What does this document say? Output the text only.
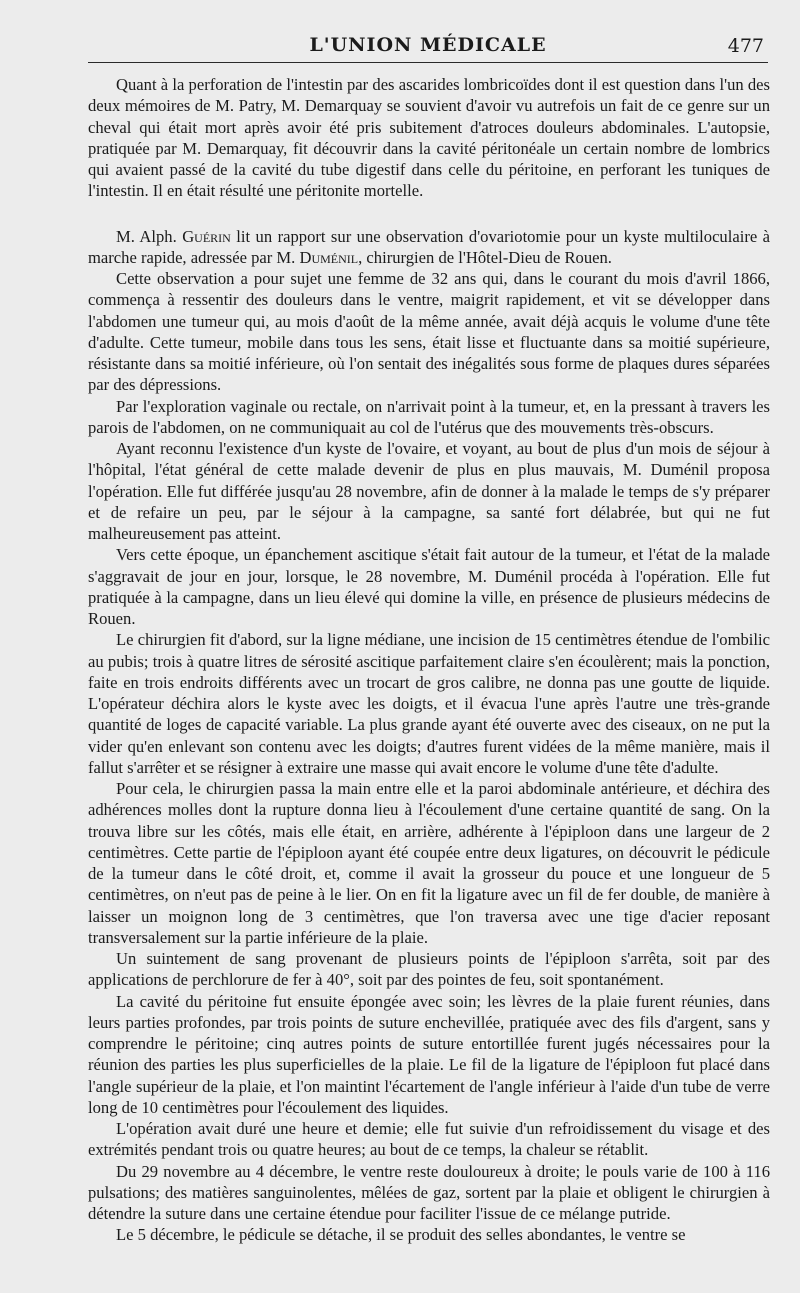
L'UNION MÉDICALE	477

Quant à la perforation de l'intestin par des ascarides lombricoïdes dont il est question dans l'un des deux mémoires de M. Patry, M. Demarquay se souvient d'avoir vu autrefois un fait de ce genre sur un cheval qui était mort après avoir été pris subitement d'atroces douleurs abdominales. L'autopsie, pratiquée par M. Demarquay, fit découvrir dans la cavité péritonéale un certain nombre de lombrics qui avaient passé de la cavité du tube digestif dans celle du péritoine, en perforant les tuniques de l'intestin. Il en était résulté une péritonite mortelle.

M. Alph. Guérin lit un rapport sur une observation d'ovariotomie pour un kyste multiloculaire à marche rapide, adressée par M. Duménil, chirurgien de l'Hôtel-Dieu de Rouen.

Cette observation a pour sujet une femme de 32 ans qui, dans le courant du mois d'avril 1866, commença à ressentir des douleurs dans le ventre, maigrit rapidement, et vit se développer dans l'abdomen une tumeur qui, au mois d'août de la même année, avait déjà acquis le volume d'une tête d'adulte. Cette tumeur, mobile dans tous les sens, était lisse et fluctuante dans sa moitié supérieure, résistante dans sa moitié inférieure, où l'on sentait des inégalités sous forme de plaques dures séparées par des dépressions.

Par l'exploration vaginale ou rectale, on n'arrivait point à la tumeur, et, en la pressant à travers les parois de l'abdomen, on ne communiquait au col de l'utérus que des mouvements très-obscurs.

Ayant reconnu l'existence d'un kyste de l'ovaire, et voyant, au bout de plus d'un mois de séjour à l'hôpital, l'état général de cette malade devenir de plus en plus mauvais, M. Duménil proposa l'opération. Elle fut différée jusqu'au 28 novembre, afin de donner à la malade le temps de s'y préparer et de refaire un peu, par le séjour à la campagne, sa santé fort délabrée, but qui ne fut malheureusement pas atteint.

Vers cette époque, un épanchement ascitique s'était fait autour de la tumeur, et l'état de la malade s'aggravait de jour en jour, lorsque, le 28 novembre, M. Duménil procéda à l'opération. Elle fut pratiquée à la campagne, dans un lieu élevé qui domine la ville, en présence de plusieurs médecins de Rouen.

Le chirurgien fit d'abord, sur la ligne médiane, une incision de 15 centimètres étendue de l'ombilic au pubis; trois à quatre litres de sérosité ascitique parfaitement claire s'en écoulèrent; mais la ponction, faite en trois endroits différents avec un trocart de gros calibre, ne donna pas une goutte de liquide. L'opérateur déchira alors le kyste avec les doigts, et il évacua l'une après l'autre une très-grande quantité de loges de capacité variable. La plus grande ayant été ouverte avec des ciseaux, on ne put la vider qu'en enlevant son contenu avec les doigts; d'autres furent vidées de la même manière, mais il fallut s'arrêter et se résigner à extraire une masse qui avait encore le volume d'une tête d'adulte.

Pour cela, le chirurgien passa la main entre elle et la paroi abdominale antérieure, et déchira des adhérences molles dont la rupture donna lieu à l'écoulement d'une certaine quantité de sang. On la trouva libre sur les côtés, mais elle était, en arrière, adhérente à l'épiploon dans une largeur de 2 centimètres. Cette partie de l'épiploon ayant été coupée entre deux ligatures, on découvrit le pédicule de la tumeur dans le côté droit, et, comme il avait la grosseur du pouce et une longueur de 5 centimètres, on n'eut pas de peine à le lier. On en fit la ligature avec un fil de fer double, de manière à laisser un moignon long de 3 centimètres, que l'on traversa avec une tige d'acier reposant transversalement sur la partie inférieure de la plaie.

Un suintement de sang provenant de plusieurs points de l'épiploon s'arrêta, soit par des applications de perchlorure de fer à 40°, soit par des pointes de feu, soit spontanément.

La cavité du péritoine fut ensuite épongée avec soin; les lèvres de la plaie furent réunies, dans leurs parties profondes, par trois points de suture enchevillée, pratiquée avec des fils d'argent, sans y comprendre le péritoine; cinq autres points de suture entortillée furent jugés nécessaires pour la réunion des parties les plus superficielles de la plaie. Le fil de la ligature de l'épiploon fut placé dans l'angle supérieur de la plaie, et l'on maintint l'écartement de l'angle inférieur à l'aide d'un tube de verre long de 10 centimètres pour l'écoulement des liquides.

L'opération avait duré une heure et demie; elle fut suivie d'un refroidissement du visage et des extrémités pendant trois ou quatre heures; au bout de ce temps, la chaleur se rétablit.

Du 29 novembre au 4 décembre, le ventre reste douloureux à droite; le pouls varie de 100 à 116 pulsations; des matières sanguinolentes, mêlées de gaz, sortent par la plaie et obligent le chirurgien à détendre la suture dans une certaine étendue pour faciliter l'issue de ce mélange putride.

Le 5 décembre, le pédicule se détache, il se produit des selles abondantes, le ventre se
